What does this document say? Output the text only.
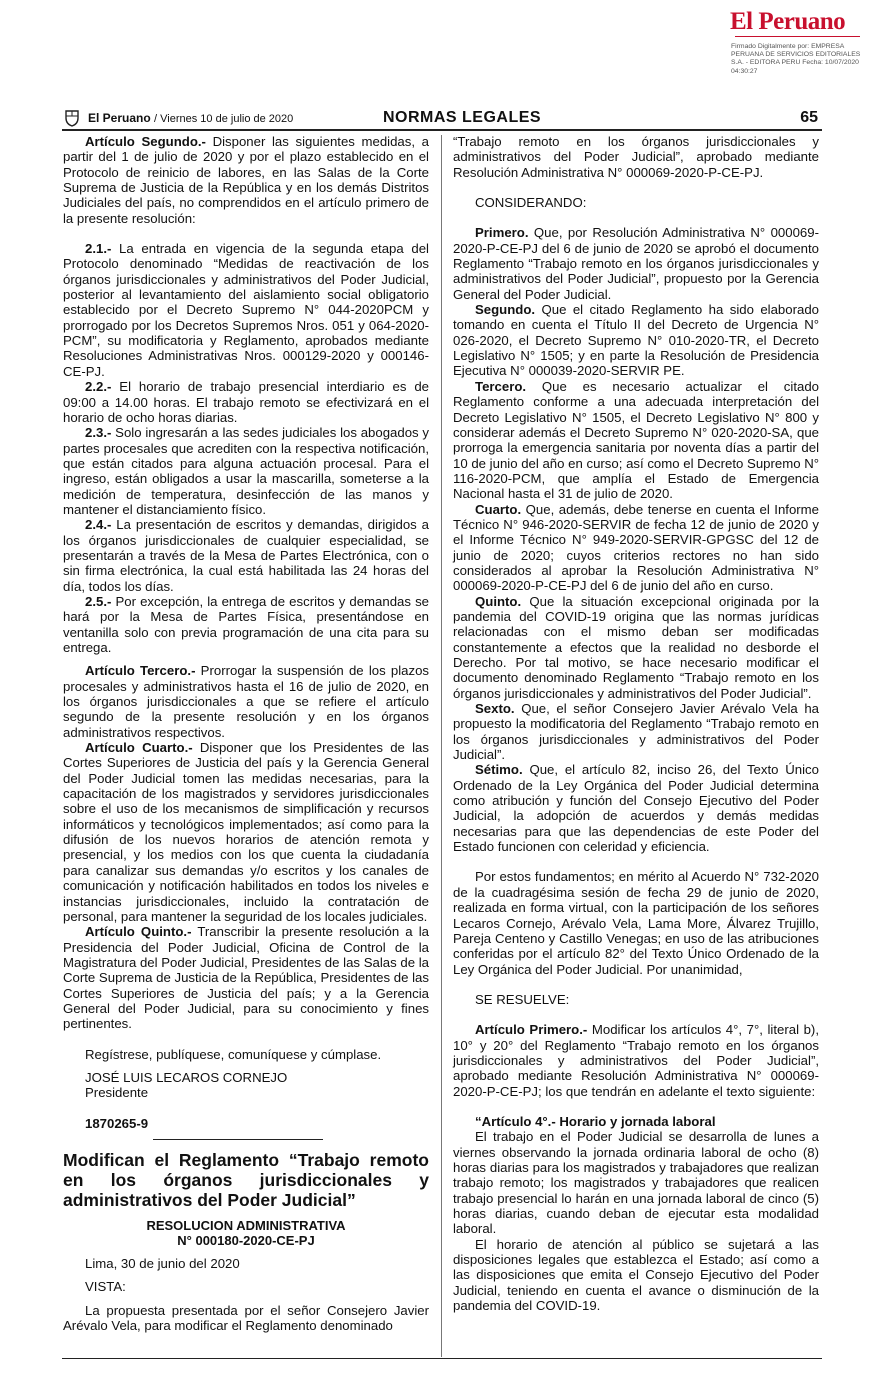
El Peruano
Firmado Digitalmente por: EMPRESA PERUANA DE SERVICIOS EDITORIALES S.A. - EDITORA PERU Fecha: 10/07/2020 04:30:27
El Peruano / Viernes 10 de julio de 2020	NORMAS LEGALES	65

Artículo Segundo.- Disponer las siguientes medidas, a partir del 1 de julio de 2020 y por el plazo establecido en el Protocolo de reinicio de labores, en las Salas de la Corte Suprema de Justicia de la República y en los demás Distritos Judiciales del país, no comprendidos en el artículo primero de la presente resolución:

2.1.- La entrada en vigencia de la segunda etapa del Protocolo denominado “Medidas de reactivación de los órganos jurisdiccionales y administrativos del Poder Judicial, posterior al levantamiento del aislamiento social obligatorio establecido por el Decreto Supremo N° 044-2020PCM y prorrogado por los Decretos Supremos Nros. 051 y 064-2020-PCM”, su modificatoria y Reglamento, aprobados mediante Resoluciones Administrativas Nros. 000129-2020 y 000146-CE-PJ.

2.2.- El horario de trabajo presencial interdiario es de 09:00 a 14.00 horas. El trabajo remoto se efectivizará en el horario de ocho horas diarias.

2.3.- Solo ingresarán a las sedes judiciales los abogados y partes procesales que acrediten con la respectiva notificación, que están citados para alguna actuación procesal. Para el ingreso, están obligados a usar la mascarilla, someterse a la medición de temperatura, desinfección de las manos y mantener el distanciamiento físico.

2.4.- La presentación de escritos y demandas, dirigidos a los órganos jurisdiccionales de cualquier especialidad, se presentarán a través de la Mesa de Partes Electrónica, con o sin firma electrónica, la cual está habilitada las 24 horas del día, todos los días.

2.5.- Por excepción, la entrega de escritos y demandas se hará por la Mesa de Partes Física, presentándose en ventanilla solo con previa programación de una cita para su entrega.

Artículo Tercero.- Prorrogar la suspensión de los plazos procesales y administrativos hasta el 16 de julio de 2020, en los órganos jurisdiccionales a que se refiere el artículo segundo de la presente resolución y en los órganos administrativos respectivos.

Artículo Cuarto.- Disponer que los Presidentes de las Cortes Superiores de Justicia del país y la Gerencia General del Poder Judicial tomen las medidas necesarias, para la capacitación de los magistrados y servidores jurisdiccionales sobre el uso de los mecanismos de simplificación y recursos informáticos y tecnológicos implementados; así como para la difusión de los nuevos horarios de atención remota y presencial, y los medios con los que cuenta la ciudadanía para canalizar sus demandas y/o escritos y los canales de comunicación y notificación habilitados en todos los niveles e instancias jurisdiccionales, incluido la contratación de personal, para mantener la seguridad de los locales judiciales.

Artículo Quinto.- Transcribir la presente resolución a la Presidencia del Poder Judicial, Oficina de Control de la Magistratura del Poder Judicial, Presidentes de las Salas de la Corte Suprema de Justicia de la República, Presidentes de las Cortes Superiores de Justicia del país; y a la Gerencia General del Poder Judicial, para su conocimiento y fines pertinentes.

Regístrese, publíquese, comuníquese y cúmplase.

JOSÉ LUIS LECAROS CORNEJO

Presidente

1870265-9

Modifican el Reglamento “Trabajo remoto en los órganos jurisdiccionales y administrativos del Poder Judicial”
RESOLUCION ADMINISTRATIVA
N° 000180-2020-CE-PJ

Lima, 30 de junio del 2020

VISTA:

La propuesta presentada por el señor Consejero Javier Arévalo Vela, para modificar el Reglamento denominado

“Trabajo remoto en los órganos jurisdiccionales y administrativos del Poder Judicial”, aprobado mediante Resolución Administrativa N° 000069-2020-P-CE-PJ.

CONSIDERANDO:

Primero. Que, por Resolución Administrativa N° 000069-2020-P-CE-PJ del 6 de junio de 2020 se aprobó el documento Reglamento “Trabajo remoto en los órganos jurisdiccionales y administrativos del Poder Judicial”, propuesto por la Gerencia General del Poder Judicial.

Segundo. Que el citado Reglamento ha sido elaborado tomando en cuenta el Título II del Decreto de Urgencia N° 026-2020, el Decreto Supremo N° 010-2020-TR, el Decreto Legislativo N° 1505; y en parte la Resolución de Presidencia Ejecutiva N° 000039-2020-SERVIR PE.

Tercero. Que es necesario actualizar el citado Reglamento conforme a una adecuada interpretación del Decreto Legislativo N° 1505, el Decreto Legislativo N° 800 y considerar además el Decreto Supremo N° 020-2020-SA, que prorroga la emergencia sanitaria por noventa días a partir del 10 de junio del año en curso; así como el Decreto Supremo N° 116-2020-PCM, que amplía el Estado de Emergencia Nacional hasta el 31 de julio de 2020.

Cuarto. Que, además, debe tenerse en cuenta el Informe Técnico N° 946-2020-SERVIR de fecha 12 de junio de 2020 y el Informe Técnico N° 949-2020-SERVIR-GPGSC del 12 de junio de 2020; cuyos criterios rectores no han sido considerados al aprobar la Resolución Administrativa N° 000069-2020-P-CE-PJ del 6 de junio del año en curso.

Quinto. Que la situación excepcional originada por la pandemia del COVID-19 origina que las normas jurídicas relacionadas con el mismo deban ser modificadas constantemente a efectos que la realidad no desborde el Derecho. Por tal motivo, se hace necesario modificar el documento denominado Reglamento “Trabajo remoto en los órganos jurisdiccionales y administrativos del Poder Judicial”.

Sexto. Que, el señor Consejero Javier Arévalo Vela ha propuesto la modificatoria del Reglamento “Trabajo remoto en los órganos jurisdiccionales y administrativos del Poder Judicial”.

Sétimo. Que, el artículo 82, inciso 26, del Texto Único Ordenado de la Ley Orgánica del Poder Judicial determina como atribución y función del Consejo Ejecutivo del Poder Judicial, la adopción de acuerdos y demás medidas necesarias para que las dependencias de este Poder del Estado funcionen con celeridad y eficiencia.

Por estos fundamentos; en mérito al Acuerdo N° 732-2020 de la cuadragésima sesión de fecha 29 de junio de 2020, realizada en forma virtual, con la participación de los señores Lecaros Cornejo, Arévalo Vela, Lama More, Álvarez Trujillo, Pareja Centeno y Castillo Venegas; en uso de las atribuciones conferidas por el artículo 82° del Texto Único Ordenado de la Ley Orgánica del Poder Judicial. Por unanimidad,

SE RESUELVE:

Artículo Primero.- Modificar los artículos 4°, 7°, literal b), 10° y 20° del Reglamento “Trabajo remoto en los órganos jurisdiccionales y administrativos del Poder Judicial”, aprobado mediante Resolución Administrativa N° 000069-2020-P-CE-PJ; los que tendrán en adelante el texto siguiente:

“Artículo 4°.- Horario y jornada laboral

El trabajo en el Poder Judicial se desarrolla de lunes a viernes observando la jornada ordinaria laboral de ocho (8) horas diarias para los magistrados y trabajadores que realizan trabajo remoto; los magistrados y trabajadores que realicen trabajo presencial lo harán en una jornada laboral de cinco (5) horas diarias, cuando deban de ejecutar esta modalidad laboral.

El horario de atención al público se sujetará a las disposiciones legales que establezca el Estado; así como a las disposiciones que emita el Consejo Ejecutivo del Poder Judicial, teniendo en cuenta el avance o disminución de la pandemia del COVID-19.
